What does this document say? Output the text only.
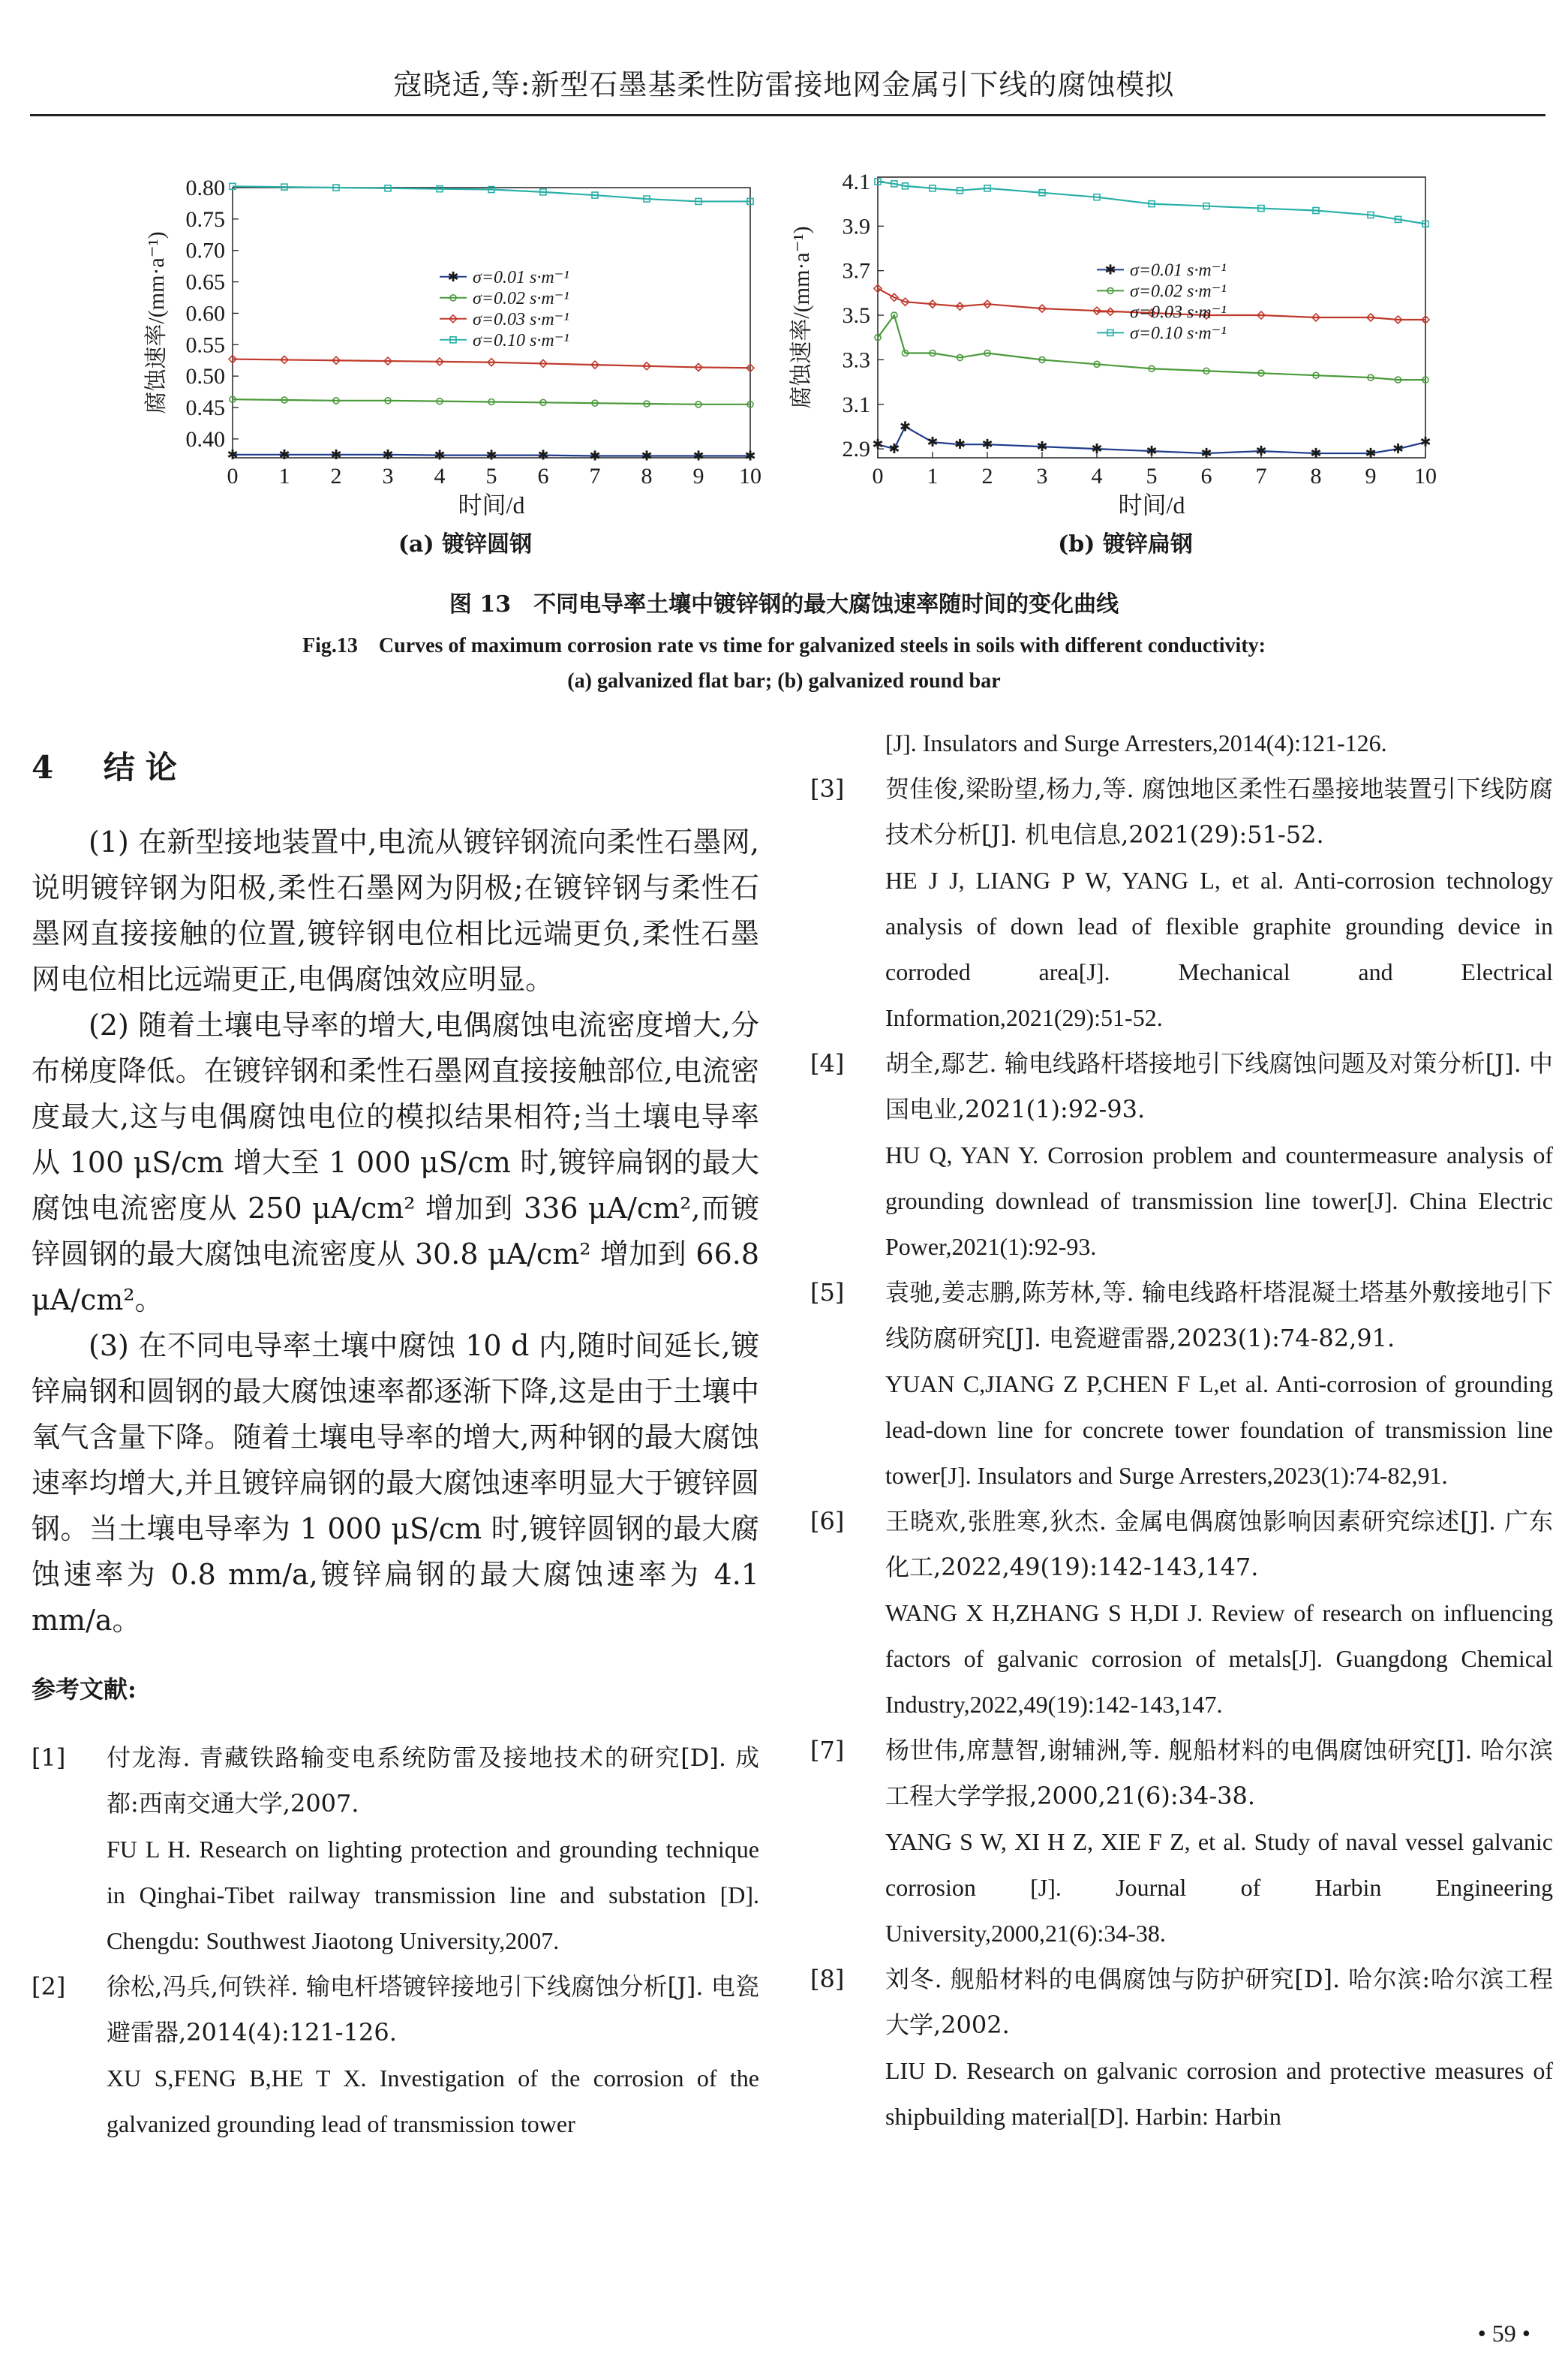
寇晓适,等:新型石墨基柔性防雷接地网金属引下线的腐蚀模拟
0 1 2 3 4 5 6 7 8 9 10
0.40
0.45
0.50
0.55
0.60
0.65
0.70
0.75
0.80
时间/d
腐蚀速率/(mm·a⁻¹)
✱	✱	✱	✱	✱	✱	✱	✱	✱	✱	✱
✱ σ=0.01 s·m⁻¹
σ=0.02 s·m⁻¹
σ=0.03 s·m⁻¹
σ=0.10 s·m⁻¹
0 1 2 3 4 5 6 7 8 9 10
2.9
3.1
3.3
3.5
3.7
3.9
4.1
时间/d
腐蚀速率/(mm·a⁻¹)
✱ ✱
✱
✱ ✱ ✱	✱	✱	✱	✱	✱	✱	✱ ✱ ✱
✱ σ=0.01 s·m⁻¹
σ=0.02 s·m⁻¹
σ=0.03 s·m⁻¹
σ=0.10 s·m⁻¹
(a) 镀锌圆钢	(b) 镀锌扁钢
图 13　不同电导率土壤中镀锌钢的最大腐蚀速率随时间的变化曲线
Fig.13　Curves of maximum corrosion rate vs time for galvanized steels in soils with different conductivity:
(a) galvanized flat bar; (b) galvanized round bar
4 结论

(1) 在新型接地装置中,电流从镀锌钢流向柔性石墨网,说明镀锌钢为阳极,柔性石墨网为阴极;在镀锌钢与柔性石墨网直接接触的位置,镀锌钢电位相比远端更负,柔性石墨网电位相比远端更正,电偶腐蚀效应明显。

(2) 随着土壤电导率的增大,电偶腐蚀电流密度增大,分布梯度降低。在镀锌钢和柔性石墨网直接接触部位,电流密度最大,这与电偶腐蚀电位的模拟结果相符;当土壤电导率从 100 μS/cm 增大至 1 000 μS/cm 时,镀锌扁钢的最大腐蚀电流密度从 250 μA/cm² 增加到 336 μA/cm²,而镀锌圆钢的最大腐蚀电流密度从 30.8 μA/cm² 增加到 66.8 μA/cm²。

(3) 在不同电导率土壤中腐蚀 10 d 内,随时间延长,镀锌扁钢和圆钢的最大腐蚀速率都逐渐下降,这是由于土壤中氧气含量下降。随着土壤电导率的增大,两种钢的最大腐蚀速率均增大,并且镀锌扁钢的最大腐蚀速率明显大于镀锌圆钢。当土壤电导率为 1 000 μS/cm 时,镀锌圆钢的最大腐蚀速率为 0.8 mm/a,镀锌扁钢的最大腐蚀速率为 4.1 mm/a。

参考文献:
[1]	付龙海. 青藏铁路输变电系统防雷及接地技术的研究[D]. 成都:西南交通大学,2007.

FU L H. Research on lighting protection and grounding technique in Qinghai-Tibet railway transmission line and substation [D]. Chengdu: Southwest Jiaotong University,2007.

[2]	徐松,冯兵,何铁祥. 输电杆塔镀锌接地引下线腐蚀分析[J]. 电瓷避雷器,2014(4):121-126.

XU S,FENG B,HE T X. Investigation of the corrosion of the galvanized grounding lead of transmission tower

[J]. Insulators and Surge Arresters,2014(4):121-126.
[3]	贺佳俊,梁盼望,杨力,等. 腐蚀地区柔性石墨接地装置引下线防腐技术分析[J]. 机电信息,2021(29):51-52.

HE J J, LIANG P W, YANG L, et al. Anti-corrosion technology analysis of down lead of flexible graphite grounding device in corroded area[J]. Mechanical and Electrical Information,2021(29):51-52.

[4]	胡全,鄢艺. 输电线路杆塔接地引下线腐蚀问题及对策分析[J]. 中国电业,2021(1):92-93.

HU Q, YAN Y. Corrosion problem and countermeasure analysis of grounding downlead of transmission line tower[J]. China Electric Power,2021(1):92-93.

[5]	袁驰,姜志鹏,陈芳林,等. 输电线路杆塔混凝土塔基外敷接地引下线防腐研究[J]. 电瓷避雷器,2023(1):74-82,91.

YUAN C,JIANG Z P,CHEN F L,et al. Anti-corrosion of grounding lead-down line for concrete tower foundation of transmission line tower[J]. Insulators and Surge Arresters,2023(1):74-82,91.

[6]	王晓欢,张胜寒,狄杰. 金属电偶腐蚀影响因素研究综述[J]. 广东化工,2022,49(19):142-143,147.

WANG X H,ZHANG S H,DI J. Review of research on influencing factors of galvanic corrosion of metals[J]. Guangdong Chemical Industry,2022,49(19):142-143,147.

[7]	杨世伟,席慧智,谢辅洲,等. 舰船材料的电偶腐蚀研究[J]. 哈尔滨工程大学学报,2000,21(6):34-38.

YANG S W, XI H Z, XIE F Z, et al. Study of naval vessel galvanic corrosion [J]. Journal of Harbin Engineering University,2000,21(6):34-38.

[8]	刘冬. 舰船材料的电偶腐蚀与防护研究[D]. 哈尔滨:哈尔滨工程大学,2002.

LIU D. Research on galvanic corrosion and protective measures of shipbuilding material[D]. Harbin: Harbin

• 59 •
